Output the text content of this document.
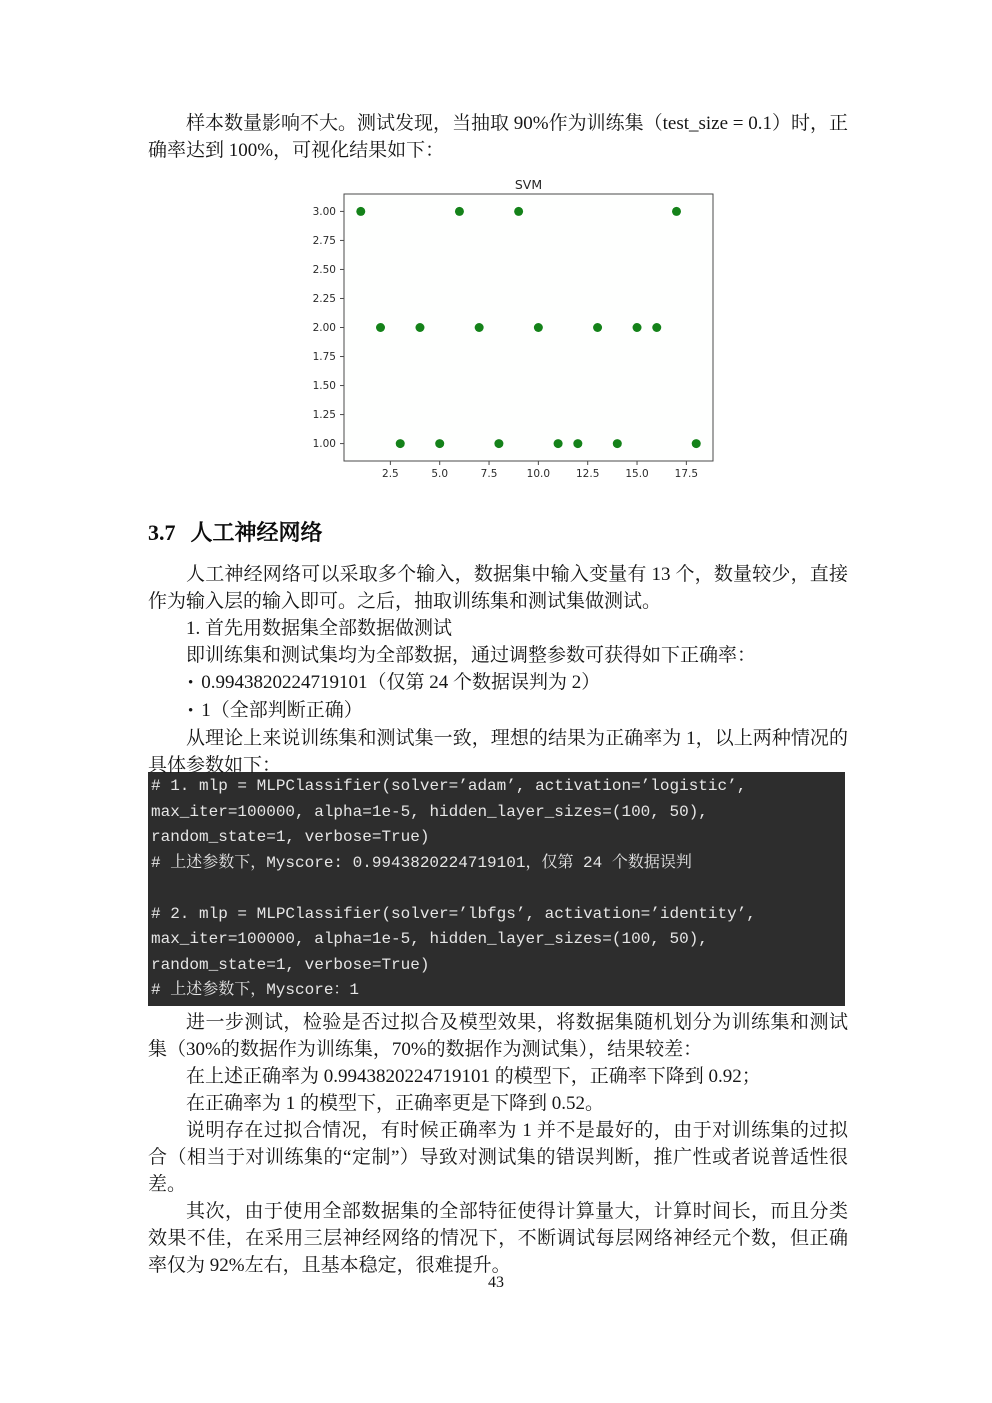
样本数量影响不大。测试发现，当抽取 90%作为训练集（test_size = 0.1）时，正确率达到 100%，可视化结果如下：

SVM
1.00
1.25
1.50
1.75
2.00
2.25
2.50
2.75
3.00
2.5	5.0	7.5	10.0 12.5 15.0 17.5
3.7 人工神经网络

人工神经网络可以采取多个输入，数据集中输入变量有 13 个，数量较少，直接作为输入层的输入即可。之后，抽取训练集和测试集做测试。

1. 首先用数据集全部数据做测试

即训练集和测试集均为全部数据，通过调整参数可获得如下正确率：

• 0.9943820224719101（仅第 24 个数据误判为 2）

• 1（全部判断正确）

从理论上来说训练集和测试集一致，理想的结果为正确率为 1，以上两种情况的具体参数如下：

# 1. mlp = MLPClassifier(solver=’adam’, activation=’logistic’,
max_iter=100000, alpha=1e-5, hidden_layer_sizes=(100, 50),
random_state=1, verbose=True)
# 上述参数下，Myscore: 0.9943820224719101，仅第 24 个数据误判
# 2. mlp = MLPClassifier(solver=’lbfgs’, activation=’identity’,
max_iter=100000, alpha=1e-5, hidden_layer_sizes=(100, 50),
random_state=1, verbose=True)
# 上述参数下，Myscore：1

进一步测试，检验是否过拟合及模型效果，将数据集随机划分为训练集和测试集（30%的数据作为训练集，70%的数据作为测试集），结果较差：

在上述正确率为 0.9943820224719101 的模型下，正确率下降到 0.92；

在正确率为 1 的模型下，正确率更是下降到 0.52。

说明存在过拟合情况，有时候正确率为 1 并不是最好的，由于对训练集的过拟合（相当于对训练集的“定制”）导致对测试集的错误判断，推广性或者说普适性很差。

其次，由于使用全部数据集的全部特征使得计算量大，计算时间长，而且分类效果不佳，在采用三层神经网络的情况下，不断调试每层网络神经元个数，但正确率仅为 92%左右，且基本稳定，很难提升。

43
